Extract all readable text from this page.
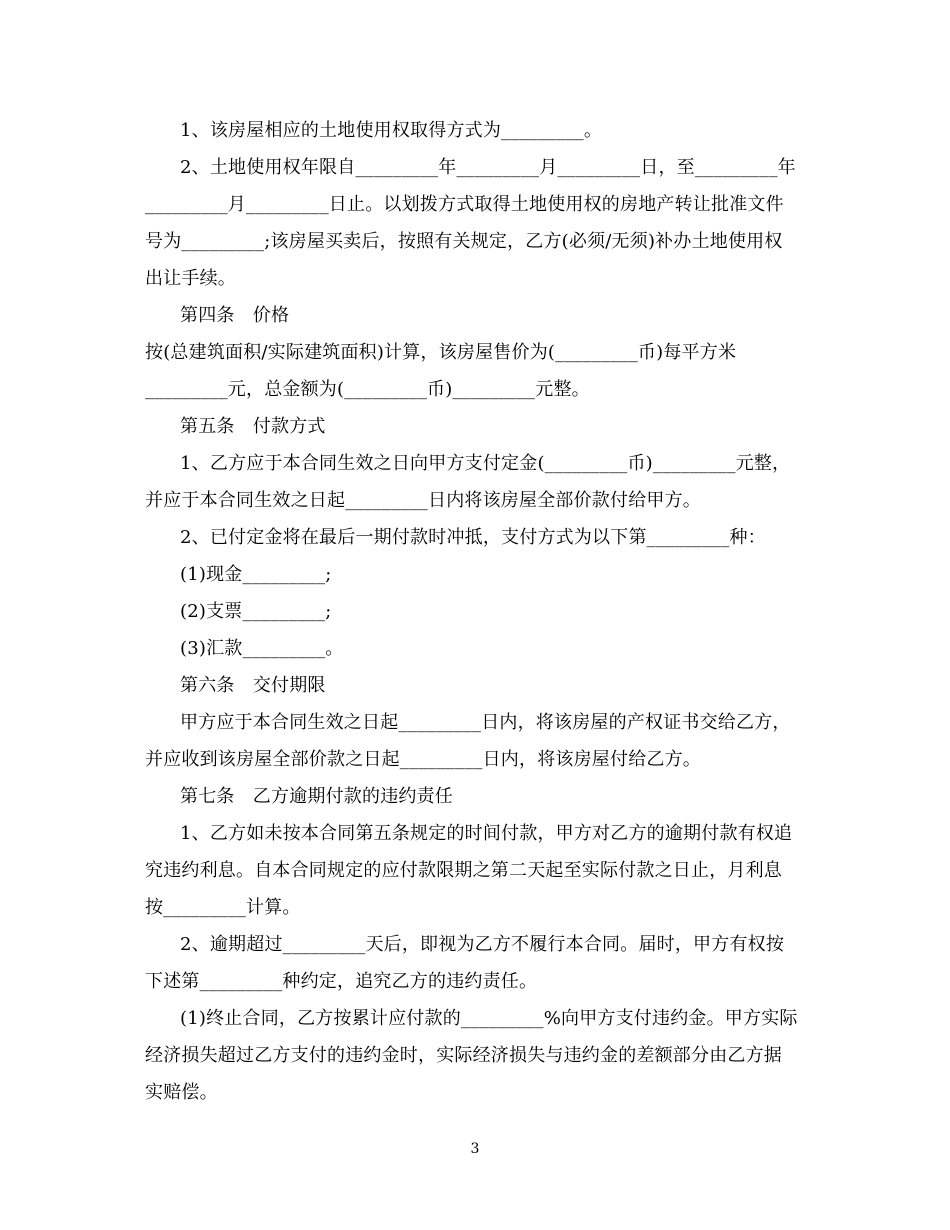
1、该房屋相应的土地使用权取得方式为_________。
2、土地使用权年限自_________年_________月_________日，至_________年
_________月_________日止。以划拨方式取得土地使用权的房地产转让批准文件
号为_________;该房屋买卖后，按照有关规定，乙方(必须/无须)补办土地使用权
出让手续。
第四条　价格
按(总建筑面积/实际建筑面积)计算，该房屋售价为(_________币)每平方米
_________元，总金额为(_________币)_________元整。
第五条　付款方式
1、乙方应于本合同生效之日向甲方支付定金(_________币)_________元整，
并应于本合同生效之日起_________日内将该房屋全部价款付给甲方。
2、已付定金将在最后一期付款时冲抵，支付方式为以下第_________种：
(1)现金_________;
(2)支票_________;
(3)汇款_________。
第六条　交付期限
甲方应于本合同生效之日起_________日内，将该房屋的产权证书交给乙方，
并应收到该房屋全部价款之日起_________日内，将该房屋付给乙方。
第七条　乙方逾期付款的违约责任
1、乙方如未按本合同第五条规定的时间付款，甲方对乙方的逾期付款有权追
究违约利息。自本合同规定的应付款限期之第二天起至实际付款之日止，月利息
按_________计算。
2、逾期超过_________天后，即视为乙方不履行本合同。届时，甲方有权按
下述第_________种约定，追究乙方的违约责任。
(1)终止合同，乙方按累计应付款的_________%向甲方支付违约金。甲方实际
经济损失超过乙方支付的违约金时，实际经济损失与违约金的差额部分由乙方据
实赔偿。
3
